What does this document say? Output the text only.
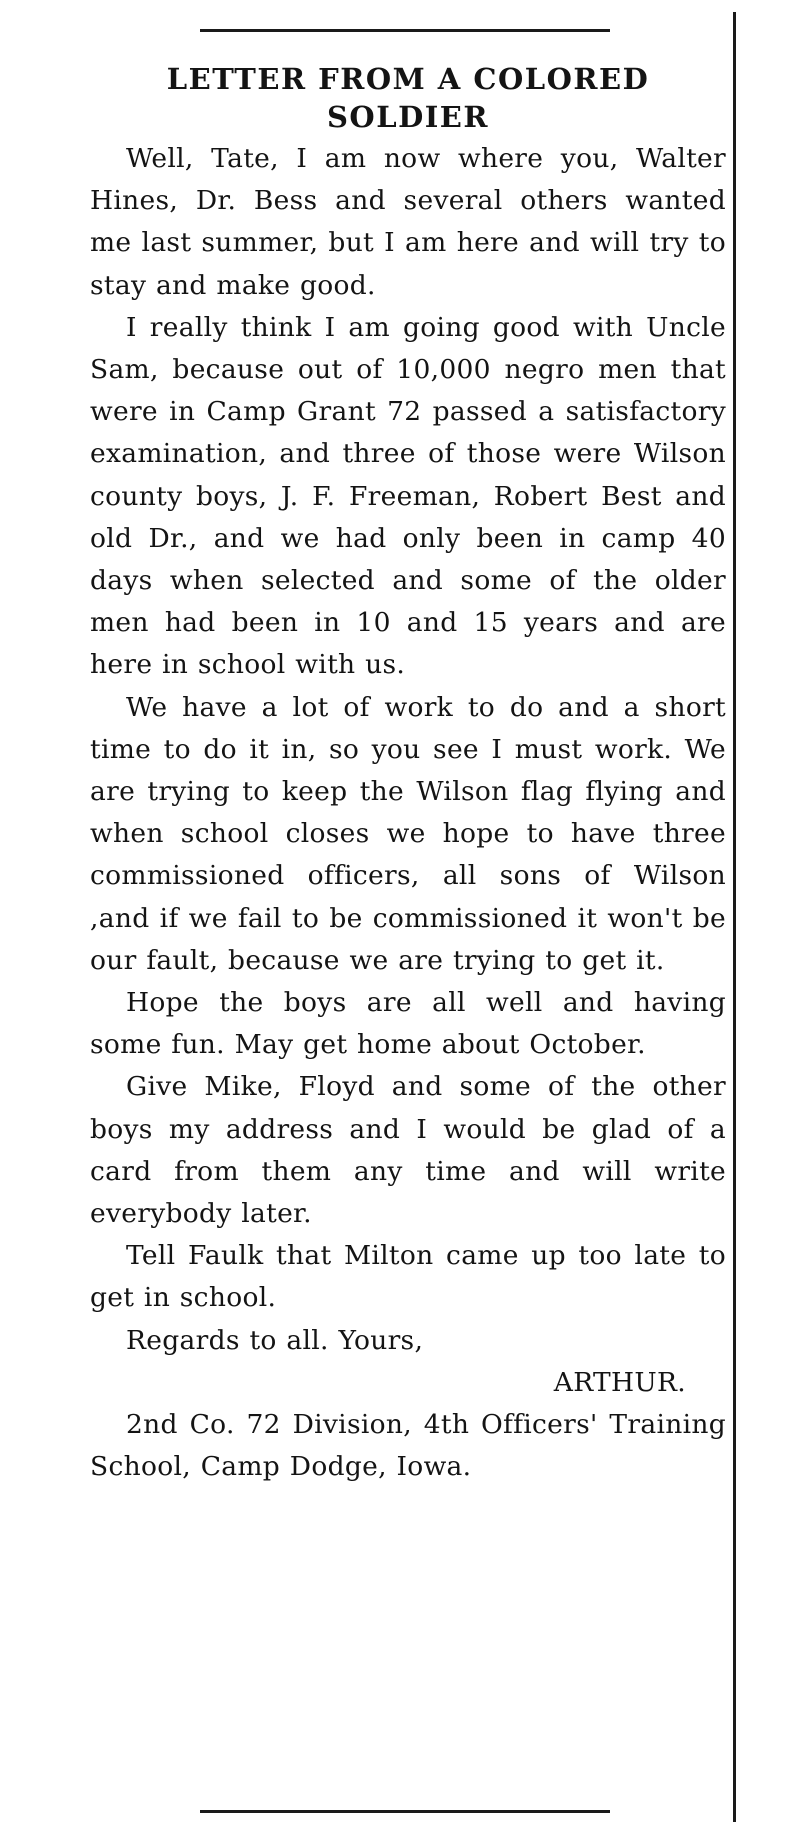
LETTER FROM A COLORED
SOLDIER

Well, Tate, I am now where you, Walter Hines, Dr. Bess and several others wanted me last summer, but I am here and will try to stay and make good.

I really think I am going good with Uncle Sam, because out of 10,000 negro men that were in Camp Grant 72 passed a satisfactory examination, and three of those were Wilson county boys, J. F. Freeman, Robert Best and old Dr., and we had only been in camp 40 days when selected and some of the older men had been in 10 and 15 years and are here in school with us.

We have a lot of work to do and a short time to do it in, so you see I must work. We are trying to keep the Wilson flag flying and when school closes we hope to have three commissioned officers, all sons of Wilson ,and if we fail to be commissioned it won't be our fault, because we are trying to get it.

Hope the boys are all well and having some fun. May get home about October.

Give Mike, Floyd and some of the other boys my address and I would be glad of a card from them any time and will write everybody later.

Tell Faulk that Milton came up too late to get in school.

Regards to all. Yours,

ARTHUR.

2nd Co. 72 Division, 4th Officers' Training School, Camp Dodge, Iowa.
